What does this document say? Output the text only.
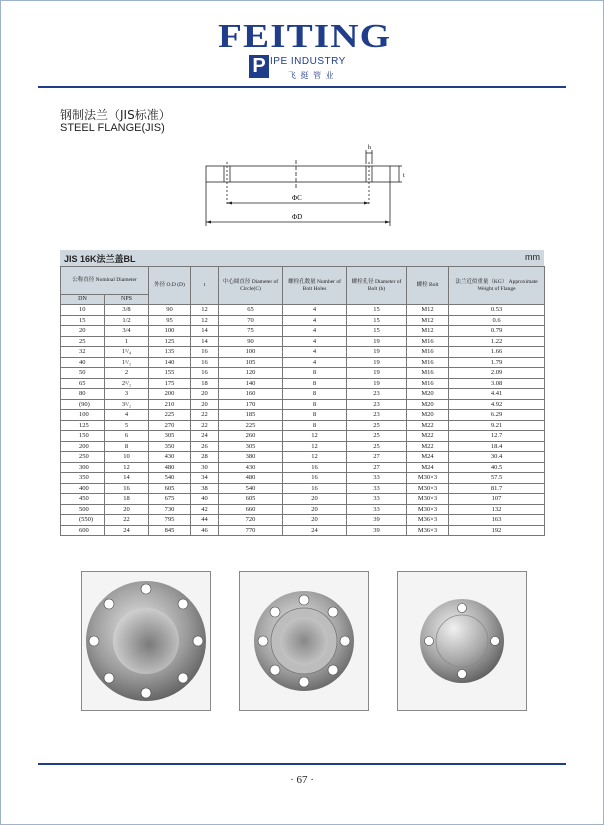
FEITING
P IPE INDUSTRY
飞 挺 管 业
钢制法兰（JIS标准）
STEEL FLANGE(JIS)
h
t
ΦC
ΦD
JIS 16K法兰盖BL	mm
公称直径 Nominal Diameter		外径 O.D (D)	t	中心圆直径 Diameter of Circle(C)	螺栓孔数量 Number of Bolt Holes	螺栓孔径 Diameter of Bolt (h)	螺栓 Bolt	法兰近似重量（KG） Approximate Weight of Flange
DN	NPS							
10	3/8	90	12	65	4	15	M12	0.53
15	1/2	95	12	70	4	15	M12	0.6
20	3/4	100	14	75	4	15	M12	0.79
25	1	125	14	90	4	19	M16	1.22
32	1¹/₄	135	16	100	4	19	M16	1.66
40	1¹/₂	140	16	105	4	19	M16	1.79
50	2	155	16	120	8	19	M16	2.09
65	2¹/₂	175	18	140	8	19	M16	3.08
80	3	200	20	160	8	23	M20	4.41
(90)	3¹/₂	210	20	170	8	23	M20	4.92
100	4	225	22	185	8	23	M20	6.29
125	5	270	22	225	8	25	M22	9.21
150	6	305	24	260	12	25	M22	12.7
200	8	350	26	305	12	25	M22	18.4
250	10	430	28	380	12	27	M24	30.4
300	12	480	30	430	16	27	M24	40.5
350	14	540	34	480	16	33	M30×3	57.5
400	16	605	38	540	16	33	M30×3	81.7
450	18	675	40	605	20	33	M30×3	107
500	20	730	42	660	20	33	M30×3	132
(550)	22	795	44	720	20	39	M36×3	163
600	24	845	46	770	24	39	M36×3	192
· 67 ·
